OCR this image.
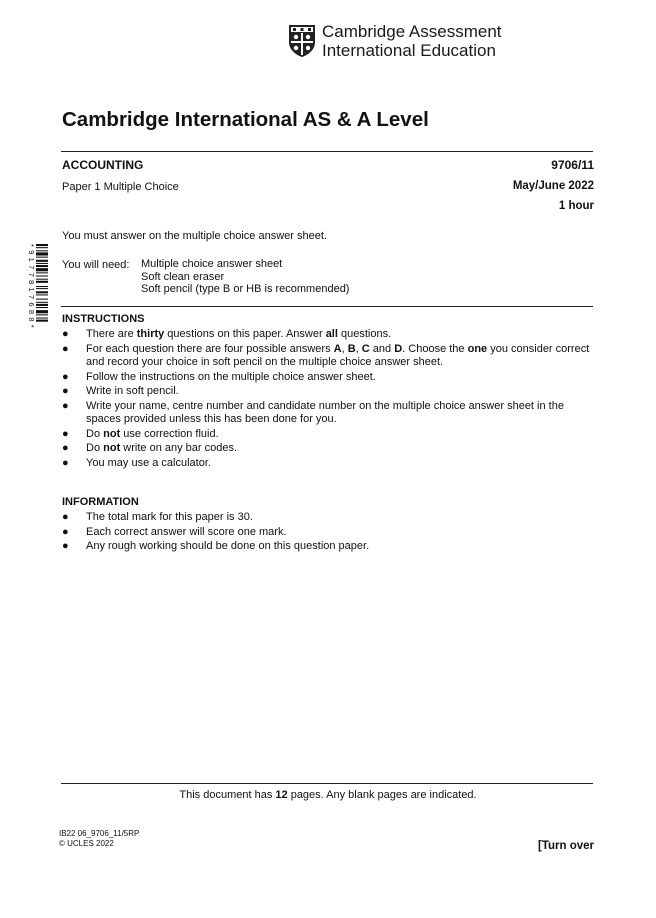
Cambridge Assessment
International Education
Cambridge International AS & A Level
ACCOUNTING	9706/11
Paper 1 Multiple Choice	May/June 2022
1 hour
* 9 1 7 7 8 1 7 6 8 8 *
You must answer on the multiple choice answer sheet.
You will need: Multiple choice answer sheet
Soft clean eraser
Soft pencil (type B or HB is recommended)
INSTRUCTIONS
● There are thirty questions on this paper. Answer all questions.
● For each question there are four possible answers A, B, C and D. Choose the one you consider correct and record your choice in soft pencil on the multiple choice answer sheet.
● Follow the instructions on the multiple choice answer sheet.
● Write in soft pencil.
● Write your name, centre number and candidate number on the multiple choice answer sheet in the spaces provided unless this has been done for you.
● Do not use correction fluid.
● Do not write on any bar codes.
● You may use a calculator.
INFORMATION
● The total mark for this paper is 30.
● Each correct answer will score one mark.
● Any rough working should be done on this question paper.
This document has 12 pages. Any blank pages are indicated.
IB22 06_9706_11/5RP
© UCLES 2022	[Turn over
